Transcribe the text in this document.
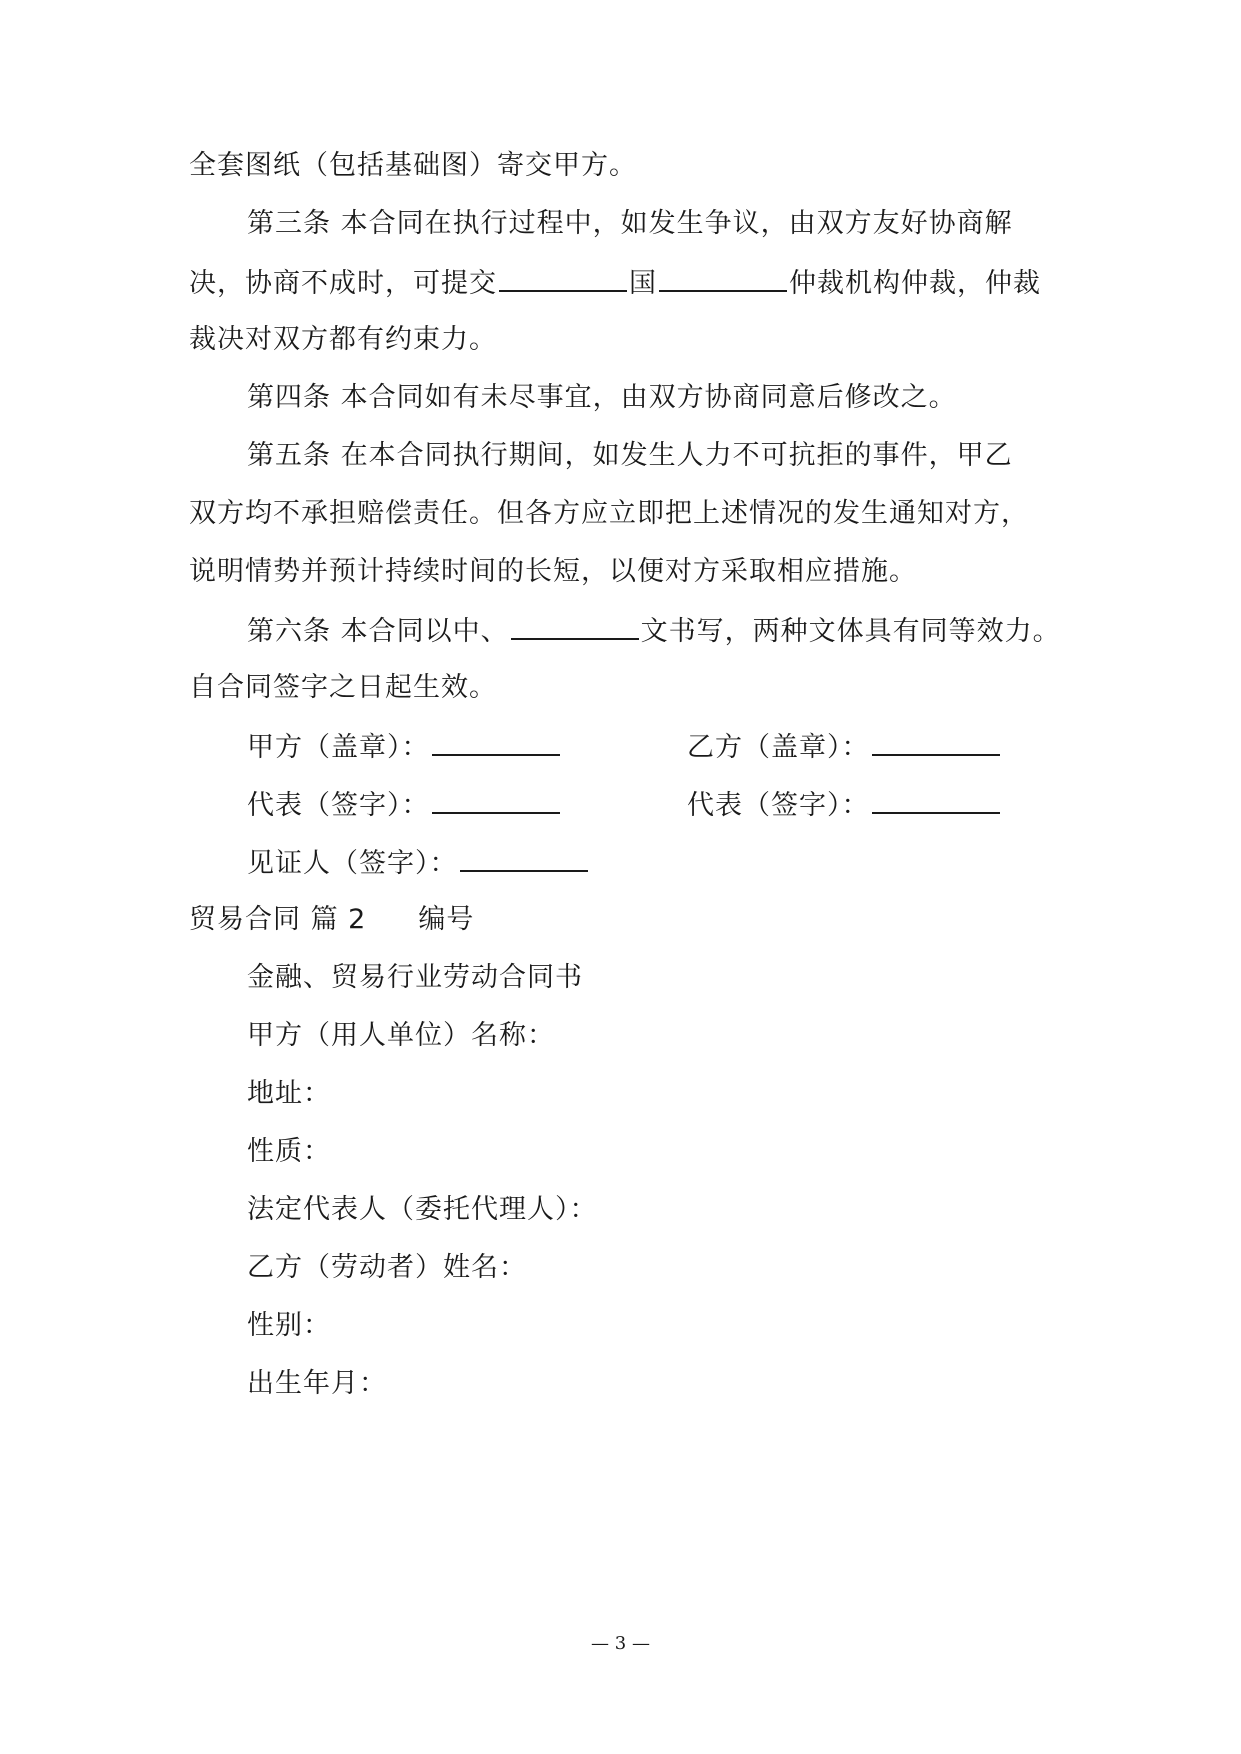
全套图纸（包括基础图）寄交甲方。
第三条 本合同在执行过程中，如发生争议，由双方友好协商解
决，协商不成时，可提交	国	仲裁机构仲裁，仲裁
裁决对双方都有约束力。
第四条 本合同如有未尽事宜，由双方协商同意后修改之。
第五条 在本合同执行期间，如发生人力不可抗拒的事件，甲乙
双方均不承担赔偿责任。但各方应立即把上述情况的发生通知对方，
说明情势并预计持续时间的长短，以便对方采取相应措施。
第六条 本合同以中、	文书写，两种文体具有同等效力。
自合同签字之日起生效。
甲方（盖章）：	乙方（盖章）：
代表（签字）：	代表（签字）：
见证人（签字）：
贸易合同 篇 2 编号
金融、贸易行业劳动合同书
甲方（用人单位）名称：
地址：
性质：
法定代表人（委托代理人）：
乙方（劳动者）姓名：
性别：
出生年月：
— 3 —
